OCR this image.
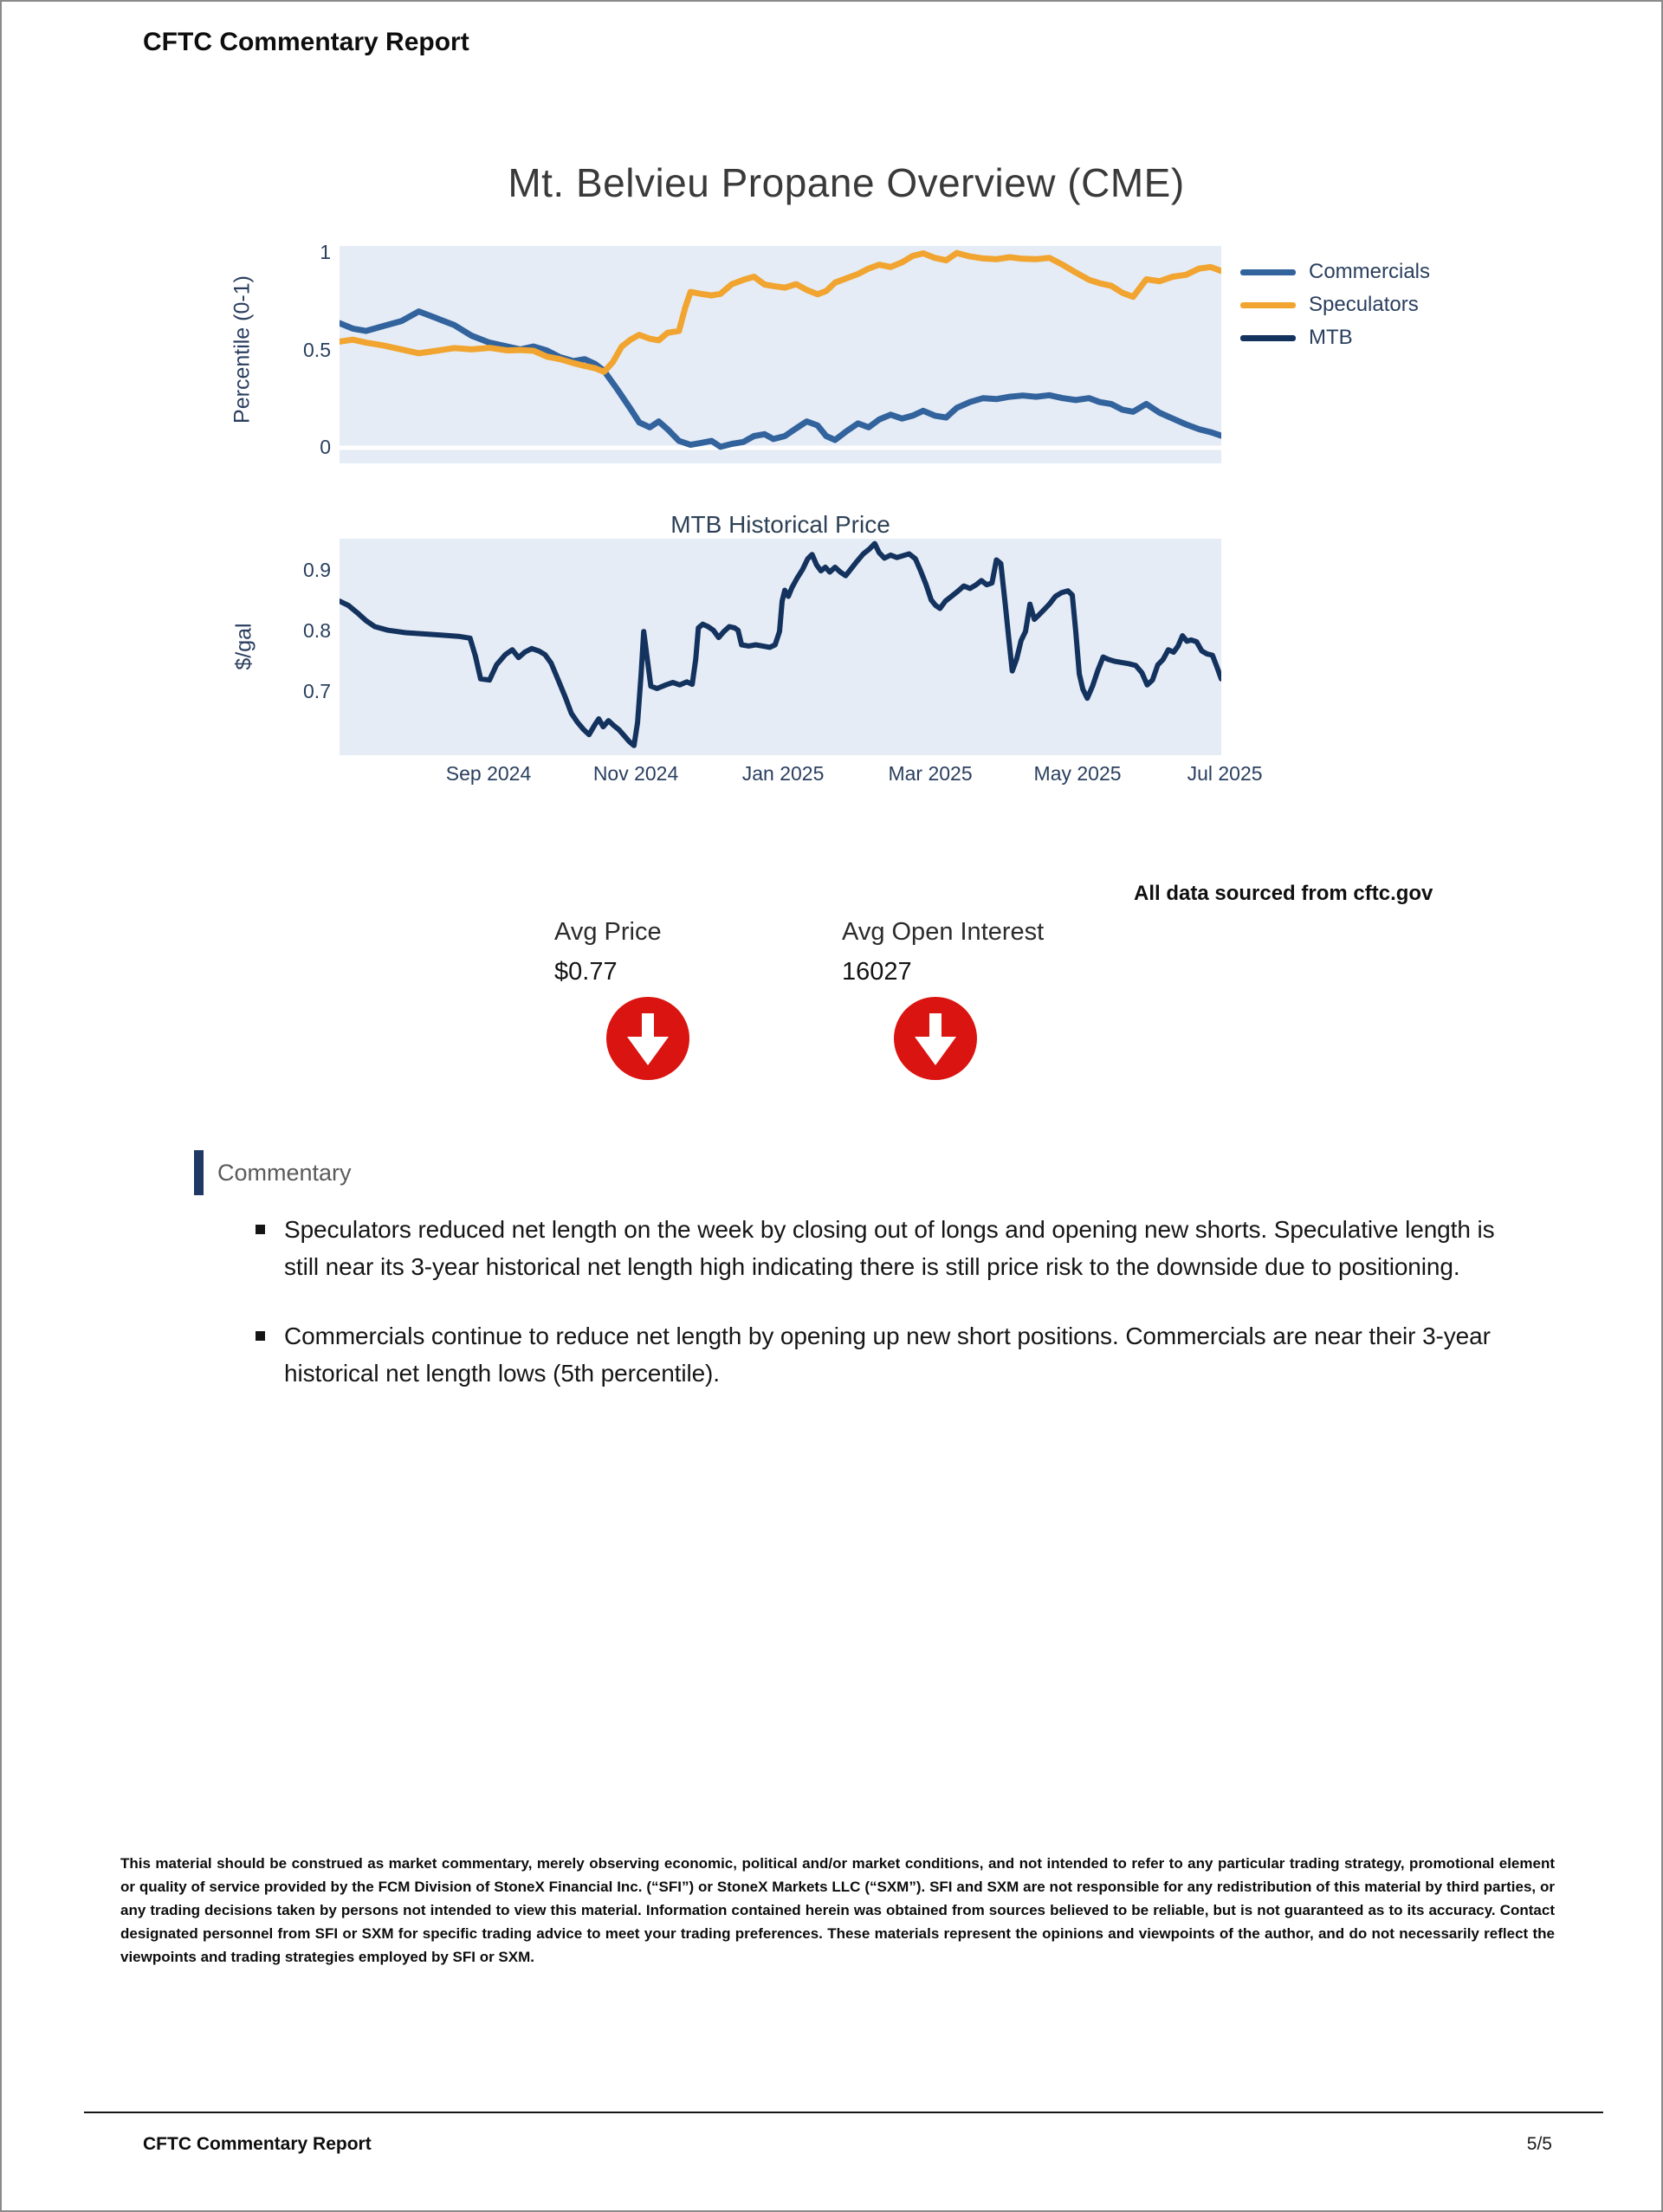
CFTC Commentary Report
Mt. Belvieu Propane Overview (CME)
MTB Historical Price
Percentile (0-1)
$/gal
1
0.5
0
0.9
0.8
0.7
Sep 2024	Nov 2024	Jan 2025	Mar 2025	May 2025	Jul 2025
Commercials
Speculators
MTB
All data sourced from cftc.gov
Avg Price
$0.77
Avg Open Interest
16027
Commentary
Speculators reduced net length on the week by closing out of longs and opening new shorts. Speculative length is still near its 3-year historical net length high indicating there is still price risk to the downside due to positioning.
Commercials continue to reduce net length by opening up new short positions. Commercials are near their 3-year historical net length lows (5th percentile).
This material should be construed as market commentary, merely observing economic, political and/or market conditions, and not intended to refer to any particular trading strategy, promotional element or quality of service provided by the FCM Division of StoneX Financial Inc. (“SFI”) or StoneX Markets LLC (“SXM”). SFI and SXM are not responsible for any redistribution of this material by third parties, or any trading decisions taken by persons not intended to view this material. Information contained herein was obtained from sources believed to be reliable, but is not guaranteed as to its accuracy. Contact designated personnel from SFI or SXM for specific trading advice to meet your trading preferences. These materials represent the opinions and viewpoints of the author, and do not necessarily reflect the viewpoints and trading strategies employed by SFI or SXM.
CFTC Commentary Report	5/5
